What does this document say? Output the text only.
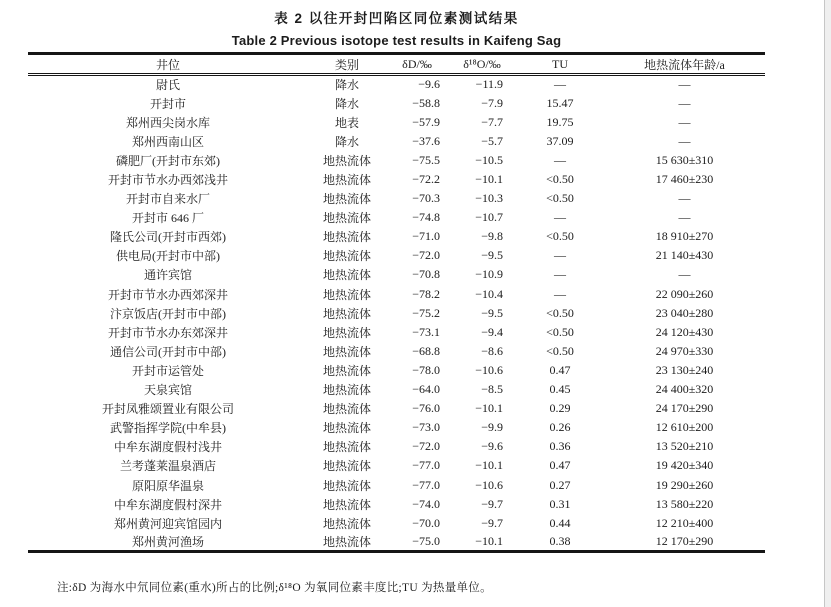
表 2 以往开封凹陷区同位素测试结果
Table 2 Previous isotope test results in Kaifeng Sag
井位	类别	δD/‰	δ¹⁸O/‰	TU	地热流体年龄/a
尉氏	降水	−9.6	−11.9	—	—
开封市	降水	−58.8	−7.9	15.47	—
郑州西尖岗水库	地表	−57.9	−7.7	19.75	—
郑州西南山区	降水	−37.6	−5.7	37.09	—
磷肥厂(开封市东郊)	地热流体	−75.5	−10.5	—	15 630±310
开封市节水办西郊浅井	地热流体	−72.2	−10.1	<0.50	17 460±230
开封市自来水厂	地热流体	−70.3	−10.3	<0.50	—
开封市 646 厂	地热流体	−74.8	−10.7	—	—
隆氏公司(开封市西郊)	地热流体	−71.0	−9.8	<0.50	18 910±270
供电局(开封市中部)	地热流体	−72.0	−9.5	—	21 140±430
通许宾馆	地热流体	−70.8	−10.9	—	—
开封市节水办西郊深井	地热流体	−78.2	−10.4	—	22 090±260
汴京饭店(开封市中部)	地热流体	−75.2	−9.5	<0.50	23 040±280
开封市节水办东郊深井	地热流体	−73.1	−9.4	<0.50	24 120±430
通信公司(开封市中部)	地热流体	−68.8	−8.6	<0.50	24 970±330
开封市运管处	地热流体	−78.0	−10.6	0.47	23 130±240
天泉宾馆	地热流体	−64.0	−8.5	0.45	24 400±320
开封凤雅颂置业有限公司	地热流体	−76.0	−10.1	0.29	24 170±290
武警指挥学院(中牟县)	地热流体	−73.0	−9.9	0.26	12 610±200
中牟东湖度假村浅井	地热流体	−72.0	−9.6	0.36	13 520±210
兰考蓬莱温泉酒店	地热流体	−77.0	−10.1	0.47	19 420±340
原阳原华温泉	地热流体	−77.0	−10.6	0.27	19 290±260
中牟东湖度假村深井	地热流体	−74.0	−9.7	0.31	13 580±220
郑州黄河迎宾馆园内	地热流体	−70.0	−9.7	0.44	12 210±400
郑州黄河渔场	地热流体	−75.0	−10.1	0.38	12 170±290
注:δD 为海水中氘同位素(重水)所占的比例;δ¹⁸O 为氧同位素丰度比;TU 为热量单位。
